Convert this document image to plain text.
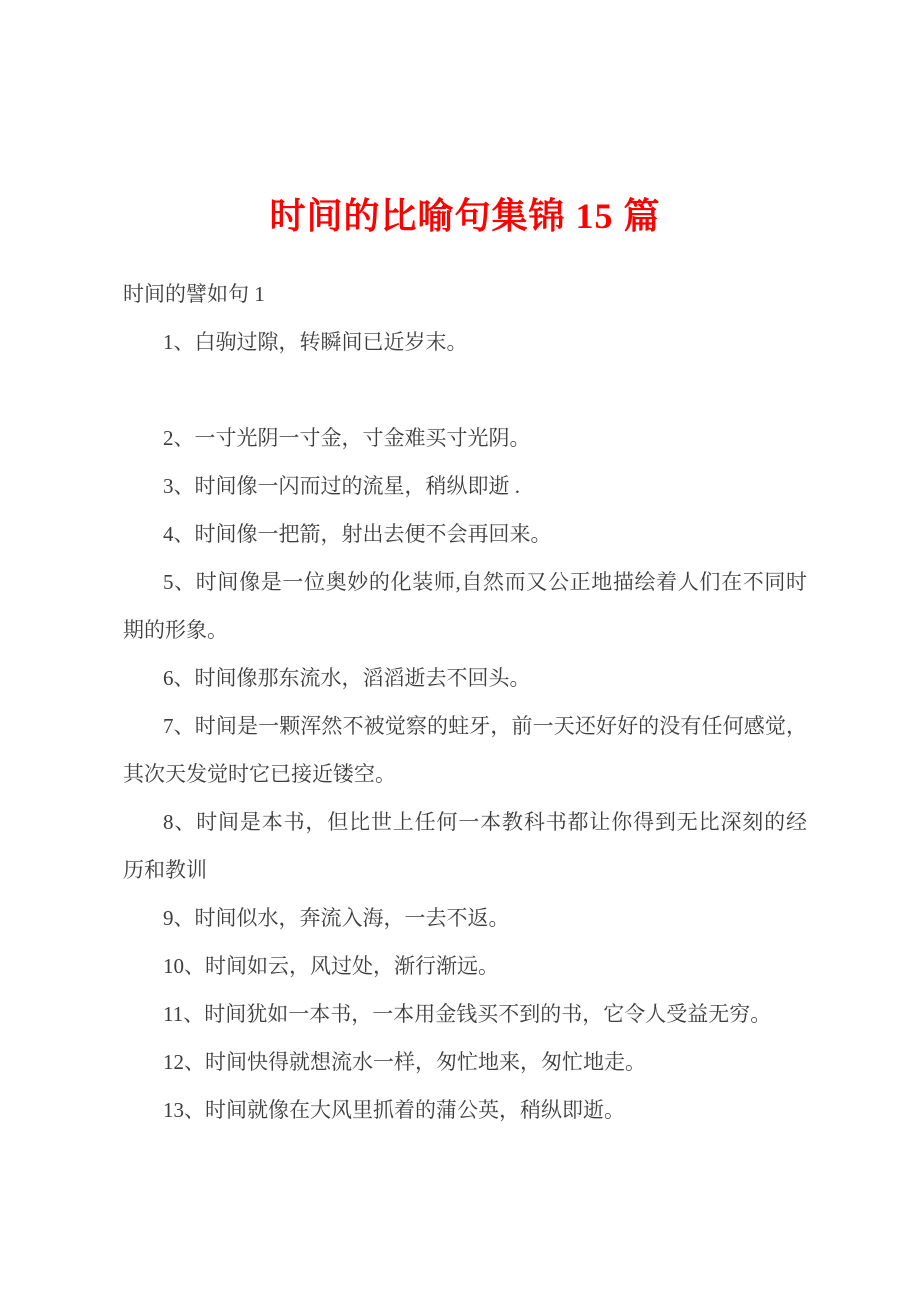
时间的比喻句集锦 15 篇

时间的譬如句 1

1、白驹过隙，转瞬间已近岁末。

2、一寸光阴一寸金，寸金难买寸光阴。

3、时间像一闪而过的流星，稍纵即逝 .

4、时间像一把箭，射出去便不会再回来。

5、时间像是一位奥妙的化装师,自然而又公正地描绘着人们在不同时
期的形象。

6、时间像那东流水，滔滔逝去不回头。

7、时间是一颗浑然不被觉察的蛀牙，前一天还好好的没有任何感觉，
其次天发觉时它已接近镂空。

8、时间是本书，但比世上任何一本教科书都让你得到无比深刻的经
历和教训

9、时间似水，奔流入海，一去不返。

10、时间如云，风过处，渐行渐远。

11、时间犹如一本书，一本用金钱买不到的书，它令人受益无穷。

12、时间快得就想流水一样，匆忙地来，匆忙地走。

13、时间就像在大风里抓着的蒲公英，稍纵即逝。
